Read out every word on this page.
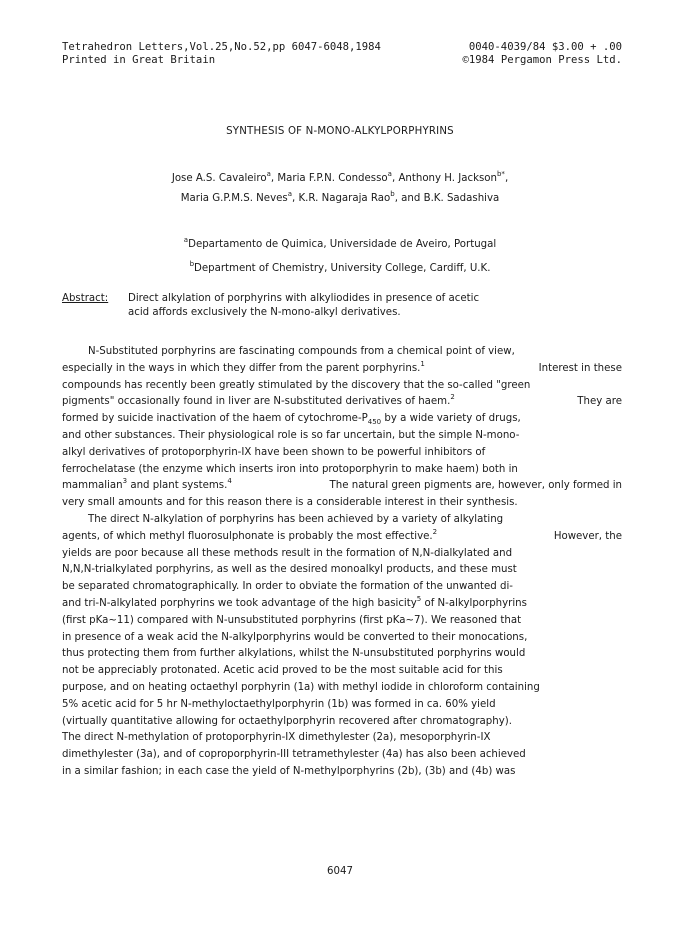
Tetrahedron Letters,Vol.25,No.52,pp 6047-6048,1984	0040-4039/84 $3.00 + .00
Printed in Great Britain	©1984 Pergamon Press Ltd.
SYNTHESIS OF N-MONO-ALKYLPORPHYRINS
Jose A.S. Cavaleiro$^a$, Maria F.P.N. Condesso$^a$, Anthony H. Jackson$^{b*}$,
Maria G.P.M.S. Neves$^a$, K.R. Nagaraja Rao$^b$, and B.K. Sadashiva
$^a$Departamento de Quimica, Universidade de Aveiro, Portugal
$^b$Department of Chemistry, University College, Cardiff, U.K.
Abstract: Direct alkylation of porphyrins with alkyliodides in presence of acetic
acid affords exclusively the N-mono-alkyl derivatives.
N-Substituted porphyrins are fascinating compounds from a chemical point of view,
especially in the ways in which they differ from the parent porphyrins.$^1$	Interest in these
compounds has recently been greatly stimulated by the discovery that the so-called "green
pigments" occasionally found in liver are N-substituted derivatives of haem.$^2$	They are
formed by suicide inactivation of the haem of cytochrome-$P_{450}$ by a wide variety of drugs,
and other substances. Their physiological role is so far uncertain, but the simple N-mono-
alkyl derivatives of protoporphyrin-IX have been shown to be powerful inhibitors of
ferrochelatase (the enzyme which inserts iron into protoporphyrin to make haem) both in
mammalian$^3$ and plant systems.$^4$	The natural green pigments are, however, only formed in
very small amounts and for this reason there is a considerable interest in their synthesis.
The direct N-alkylation of porphyrins has been achieved by a variety of alkylating
agents, of which methyl fluorosulphonate is probably the most effective.$^2$	However, the
yields are poor because all these methods result in the formation of N,N-dialkylated and
N,N,N-trialkylated porphyrins, as well as the desired monoalkyl products, and these must
be separated chromatographically. In order to obviate the formation of the unwanted di-
and tri-N-alkylated porphyrins we took advantage of the high basicity$^5$ of N-alkylporphyrins
(first pKa~11) compared with N-unsubstituted porphyrins (first pKa~7). We reasoned that
in presence of a weak acid the N-alkylporphyrins would be converted to their monocations,
thus protecting them from further alkylations, whilst the N-unsubstituted porphyrins would
not be appreciably protonated. Acetic acid proved to be the most suitable acid for this
purpose, and on heating octaethyl porphyrin (1a) with methyl iodide in chloroform containing
5% acetic acid for 5 hr N-methyloctaethylporphyrin (1b) was formed in ca. 60% yield
(virtually quantitative allowing for octaethylporphyrin recovered after chromatography).
The direct N-methylation of protoporphyrin-IX dimethylester (2a), mesoporphyrin-IX
dimethylester (3a), and of coproporphyrin-III tetramethylester (4a) has also been achieved
in a similar fashion; in each case the yield of N-methylporphyrins (2b), (3b) and (4b) was
6047
